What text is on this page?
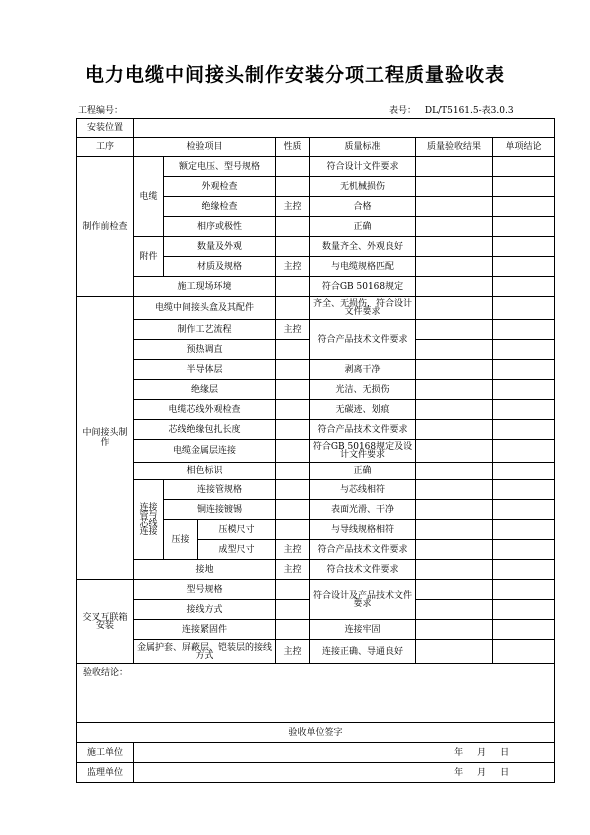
电力电缆中间接头制作安装分项工程质量验收表
工程编号：	表号： DL/T5161.5-表3.0.3
安装位置							
工序	检验项目			性质	质量标准	质量验收结果	单项结论
制作前检查	电缆	额定电压、型号规格			符合设计文件要求		
		外观检查			无机械损伤		
		绝缘检查		主控	合格		
		相序或极性			正确		
	附件	数量及外观			数量齐全、外观良好		
		材质及规格		主控	与电缆规格匹配		
	施工现场环境				符合GB 50168规定		
中间接头制作	电缆中间接头盒及其配件				齐全、无损伤，符合设计文件要求		
	制作工艺流程			主控	符合产品技术文件要求		
	预热调直						
	半导体层				剥离干净		
	绝缘层				光洁、无损伤		
	电缆芯线外观检查				无碳迹、划痕		
	芯线绝缘包扎长度				符合产品技术文件要求		
	电缆金属层连接				符合GB 50168规定及设计文件要求		
	相色标识				正确		
	连接管与芯线连接	连接管规格			与芯线相符		
		铜连接镀锡			表面光滑、干净		
		压接	压模尺寸		与导线规格相符		
			成型尺寸	主控	符合产品技术文件要求		
	接地			主控	符合技术文件要求		
交叉互联箱安装	型号规格				符合设计及产品技术文件要求		
	接线方式						
	连接紧固件				连接牢固		
	金属护套、屏蔽层、铠装层的接线方式			主控	连接正确、导通良好		
验收结论：							
验收单位签字							
施工单位	年 月 日						
监理单位	年 月 日						
